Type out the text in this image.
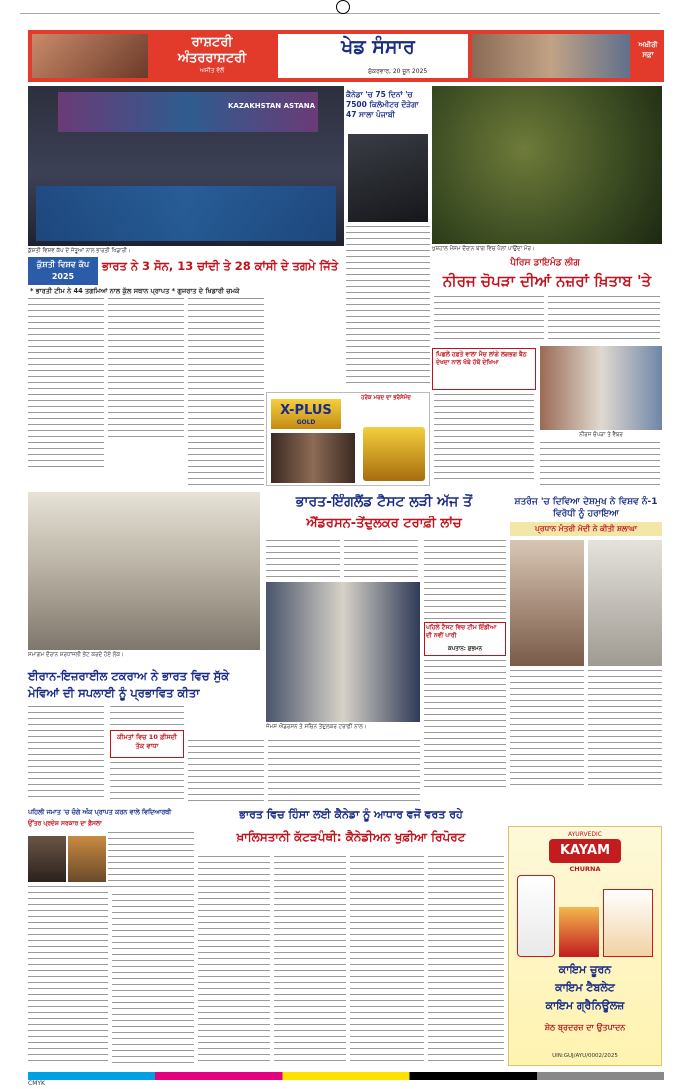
ਰਾਸ਼ਟਰੀ
ਅੰਤਰਰਾਸ਼ਟਰੀ
ਅਜੀਤ ਵੱਲੋਂ
ਖੇਡ ਸੰਸਾਰ
ਸ਼ੁੱਕਰਵਾਰ, 20 ਜੂਨ 2025
ਅਖ਼ੀਰੀ ਸਫ਼ਾ
KAZAKHSTAN ASTANA
ਕੁੱਸ਼ਤੀ ਵਿਸ਼ਵ ਕੱਪ ਦੇ ਜੇਤੂਆਂ ਨਾਲ ਭਾਰਤੀ ਖਿਡਾਰੀ।
ਕੁੱਸ਼ਤੀ ਵਿਸ਼ਵ ਕੱਪ 2025
ਭਾਰਤ ਨੇ 3 ਸੋਨ, 13 ਚਾਂਦੀ ਤੇ 28 ਕਾਂਸੀ ਦੇ ਤਗਮੇ ਜਿੱਤੇ
* ਭਾਰਤੀ ਟੀਮ ਨੇ 44 ਤਗਮਿਆਂ ਨਾਲ ਕੁੱਲ ਸਥਾਨ ਪ੍ਰਾਪਤ * ਗੁਜਰਾਤ ਦੇ ਖਿਡਾਰੀ ਚਮਕੇ
ਕੈਨੇਡਾ 'ਚ 75 ਦਿਨਾਂ 'ਚ 7500 ਕਿਲੋਮੀਟਰ ਦੌੜੇਗਾ 47 ਸਾਲਾ ਪੰਜਾਬੀ
ਖੁਸ਼ਹਾਲ ਮੌਸਮ ਦੌਰਾਨ ਬਾਗ ਵਿਚ ਪੈਲਾਂ ਪਾਉਂਦਾ ਮੋਰ।
ਪੈਰਿਸ ਡਾਇਮੰਡ ਲੀਗ
ਨੀਰਜ ਚੋਪੜਾ ਦੀਆਂ ਨਜ਼ਰਾਂ ਖ਼ਿਤਾਬ 'ਤੇ
ਪਿਛਲੇ ਹਫ਼ਤੇ ਵਾਲਾ ਮੈਚ ਲਾਂਗੇ ਲਗਭਗ ਬੈਠ ਦੇਖਦਾ ਨਾਲ ਖੱਬੇ ਹੱਥੋਂ ਦੇਖਿਆ
ਨੀਰਜ ਚੋਪੜਾ ਤੇ ਵੈਬਰ
ਹਰੇਕ ਮਰਦ ਦਾ ਭਰੋਸੇਮੰਦ
X-PLUS
GOLD
ਸਮਾਗਮ ਦੌਰਾਨ ਸ਼ਰਧਾਂਜਲੀ ਭੇਟ ਕਰਦੇ ਹੋਏ ਲੋਕ।
ਭਾਰਤ-ਇੰਗਲੈਂਡ ਟੈਸਟ ਲੜੀ ਅੱਜ ਤੋਂ
ਐਂਡਰਸਨ-ਤੇਂਦੁਲਕਰ ਟਰਾਫ਼ੀ ਲਾਂਚ
ਜੇਮਸ ਐਂਡਰਸਨ ਤੇ ਸਚਿਨ ਤੇਂਦੁਲਕਰ ਟਰਾਫ਼ੀ ਨਾਲ।
ਪਹਿਲੇ ਟੈਸਟ ਵਿਚ ਟੀਮ ਇੰਡੀਆ ਦੀ ਨਵੀਂ ਪਾਰੀ
ਕਪਤਾਨ: ਸ਼ੁਭਮਨ
ਸ਼ਤਰੰਜ 'ਚ ਦਿਵਿਆ ਦੇਸ਼ਮੁਖ ਨੇ ਵਿਸ਼ਵ ਨੰ-1 ਵਿਰੋਧੀ ਨੂੰ ਹਰਾਇਆ
ਪ੍ਰਧਾਨ ਮੰਤਰੀ ਮੋਦੀ ਨੇ ਕੀਤੀ ਸ਼ਲਾਘਾ
ਈਰਾਨ-ਇਜ਼ਰਾਈਲ ਟਕਰਾਅ ਨੇ ਭਾਰਤ ਵਿਚ ਸੁੱਕੇ ਮੇਵਿਆਂ ਦੀ ਸਪਲਾਈ ਨੂੰ ਪ੍ਰਭਾਵਿਤ ਕੀਤਾ
ਕੀਮਤਾਂ ਵਿਚ 10 ਫ਼ੀਸਦੀ ਤੱਕ ਵਾਧਾ
ਪਹਿਲੀ ਜਮਾਤ 'ਚ ਚੰਗੇ ਅੰਕ ਪ੍ਰਾਪਤ ਕਰਨ ਵਾਲੇ ਵਿਦਿਆਰਥੀ
ਉੱਤਰ ਪ੍ਰਦੇਸ਼ ਸਰਕਾਰ ਦਾ ਫ਼ੈਸਲਾ
ਭਾਰਤ ਵਿਚ ਹਿੰਸਾ ਲਈ ਕੈਨੇਡਾ ਨੂੰ ਆਧਾਰ ਵਜੋਂ ਵਰਤ ਰਹੇ
ਖ਼ਾਲਿਸਤਾਨੀ ਕੱਟੜਪੰਥੀ: ਕੈਨੇਡੀਅਨ ਖੁਫ਼ੀਆ ਰਿਪੋਰਟ	AYURVEDIC
KAYAM
CHURNA
ਕਾਇਮ ਚੂਰਨ
ਕਾਇਮ ਟੈਬਲੇਟ
ਕਾਇਮ ਗ੍ਰੈਨਿਊਲਜ਼
ਸ਼ੇਠ ਬ੍ਰਦਰਜ਼ ਦਾ ਉਤਪਾਦਨ
UIN:GUJ/AYU/0002/2025
CMYK
